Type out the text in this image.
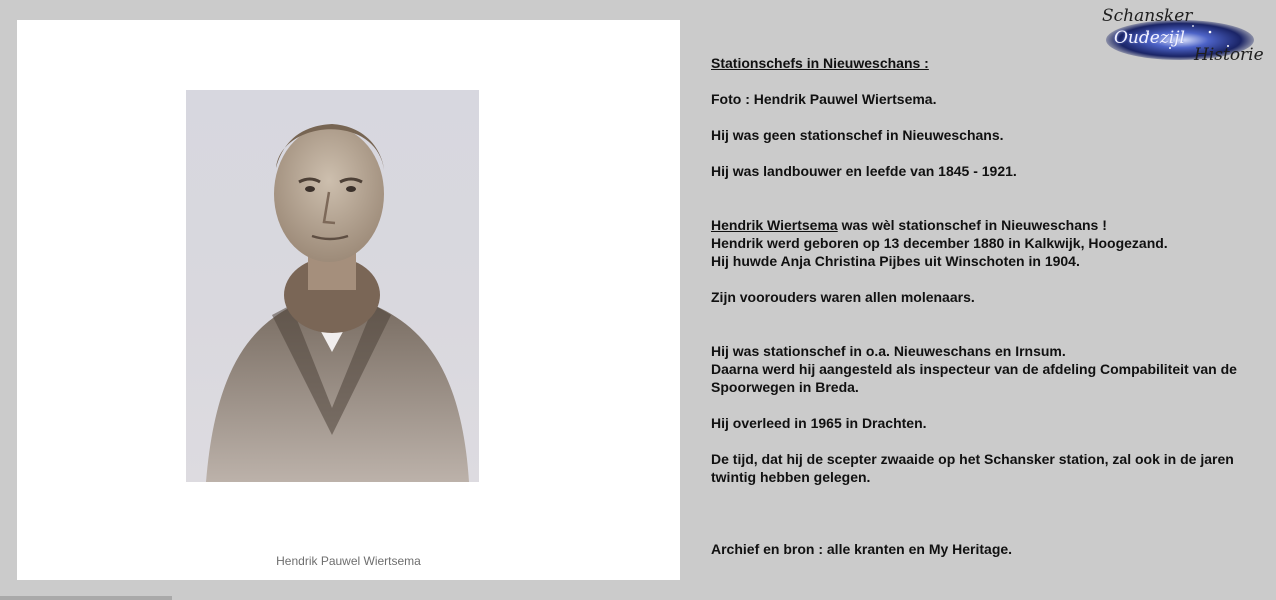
Hendrik Pauwel Wiertsema
Schansker
Oudezijl
Historie

Stationschefs in Nieuweschans :

Foto : Hendrik Pauwel Wiertsema.

Hij was geen stationschef in Nieuweschans.

Hij was landbouwer en leefde van 1845 - 1921.

Hendrik Wiertsema was wèl stationschef in Nieuweschans !

Hendrik werd geboren op 13 december 1880 in Kalkwijk, Hoogezand.

Hij huwde Anja Christina Pijbes uit Winschoten in 1904.

Zijn voorouders waren allen molenaars.

Hij was stationschef in o.a. Nieuweschans en Irnsum.

Daarna werd hij aangesteld als inspecteur van de afdeling Compabiliteit van de Spoorwegen in Breda.

Hij overleed in 1965 in Drachten.

De tijd, dat hij de scepter zwaaide op het Schansker station, zal ook in de jaren twintig hebben gelegen.

Archief en bron : alle kranten en My Heritage.
